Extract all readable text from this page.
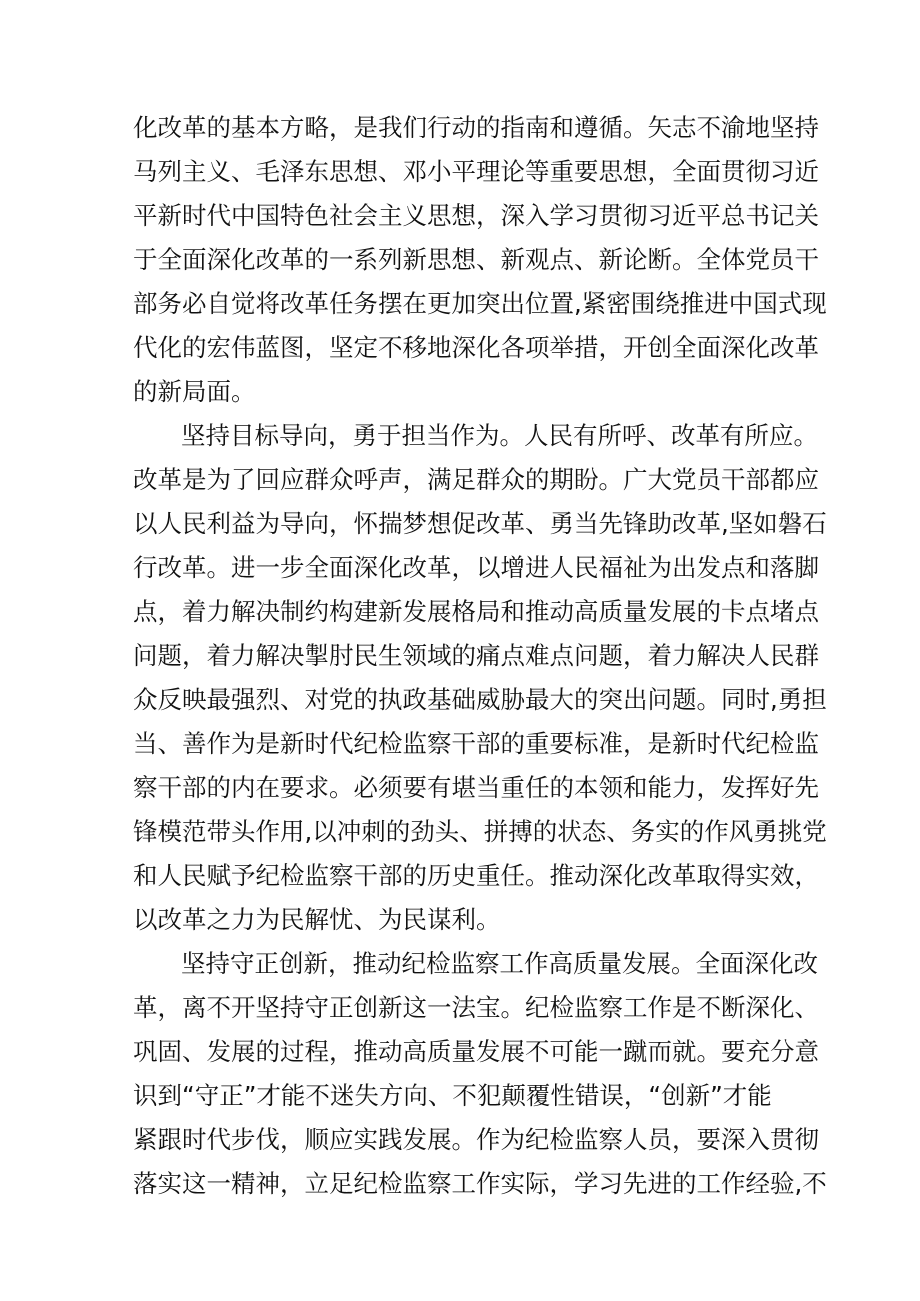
化改革的基本方略，是我们行动的指南和遵循。矢志不渝地坚持
马列主义、毛泽东思想、邓小平理论等重要思想，全面贯彻习近
平新时代中国特色社会主义思想，深入学习贯彻习近平总书记关
于全面深化改革的一系列新思想、新观点、新论断。全体党员干
部务必自觉将改革任务摆在更加突出位置,紧密围绕推进中国式现
代化的宏伟蓝图，坚定不移地深化各项举措，开创全面深化改革
的新局面。
坚持目标导向，勇于担当作为。人民有所呼、改革有所应。
改革是为了回应群众呼声，满足群众的期盼。广大党员干部都应
以人民利益为导向，怀揣梦想促改革、勇当先锋助改革,坚如磐石
行改革。进一步全面深化改革，以增进人民福祉为出发点和落脚
点，着力解决制约构建新发展格局和推动高质量发展的卡点堵点
问题，着力解决掣肘民生领域的痛点难点问题，着力解决人民群
众反映最强烈、对党的执政基础威胁最大的突出问题。同时,勇担
当、善作为是新时代纪检监察干部的重要标准，是新时代纪检监
察干部的内在要求。必须要有堪当重任的本领和能力，发挥好先
锋模范带头作用,以冲刺的劲头、拼搏的状态、务实的作风勇挑党
和人民赋予纪检监察干部的历史重任。推动深化改革取得实效，
以改革之力为民解忧、为民谋利。
坚持守正创新，推动纪检监察工作高质量发展。全面深化改
革，离不开坚持守正创新这一法宝。纪检监察工作是不断深化、
巩固、发展的过程，推动高质量发展不可能一蹴而就。要充分意
识到“守正”才能不迷失方向、不犯颠覆性错误，“创新”才能
紧跟时代步伐，顺应实践发展。作为纪检监察人员，要深入贯彻
落实这一精神，立足纪检监察工作实际，学习先进的工作经验,不
